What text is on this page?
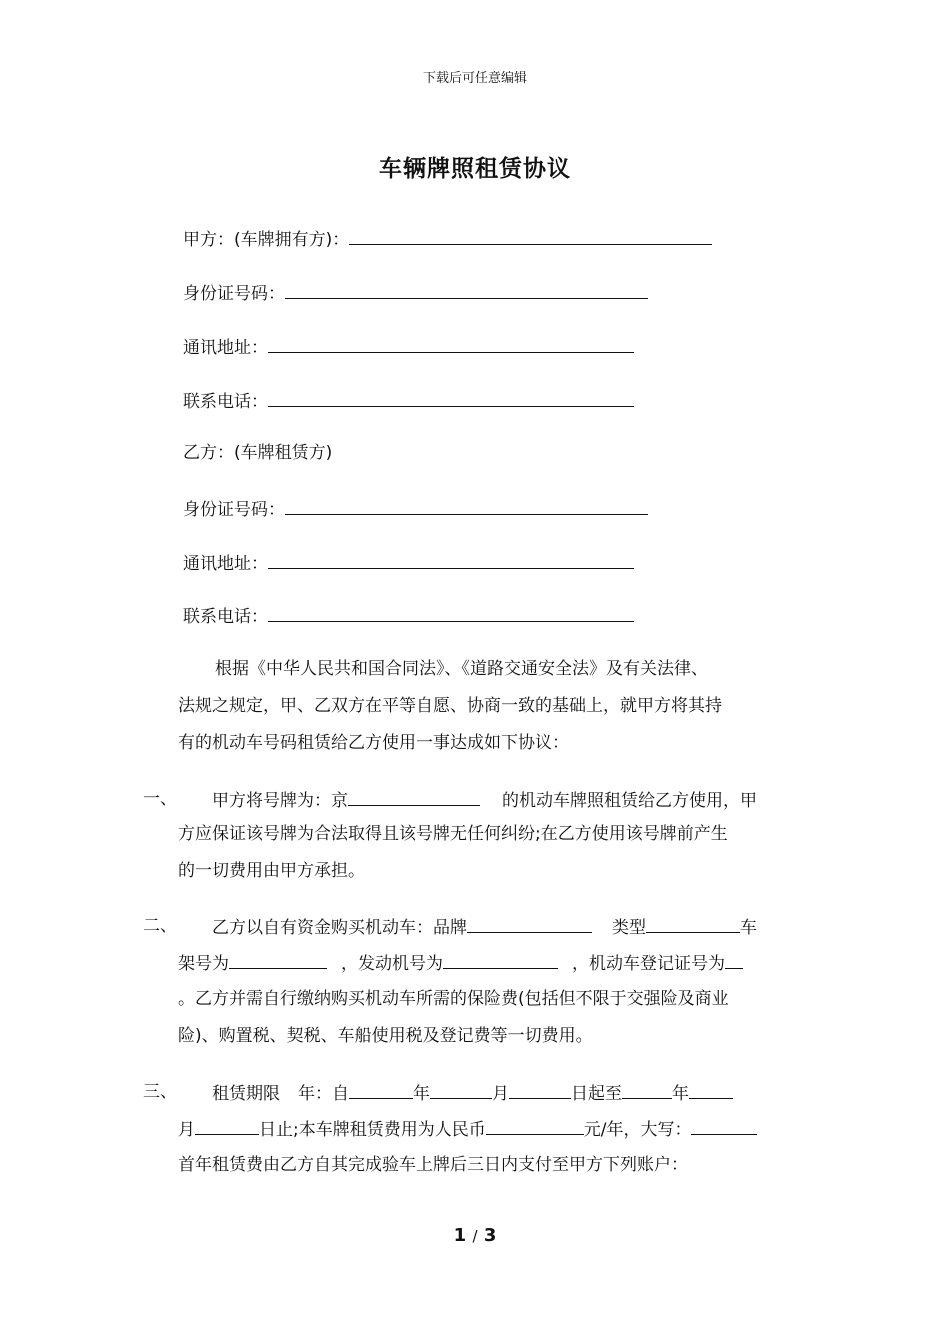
下载后可任意编辑
车辆牌照租赁协议
甲方：(车牌拥有方)：
身份证号码：
通讯地址：
联系电话：
乙方：(车牌租赁方)
身份证号码：
通讯地址：
联系电话：
根据《中华人民共和国合同法》、《道路交通安全法》及有关法律、
法规之规定，甲、乙双方在平等自愿、协商一致的基础上，就甲方将其持
有的机动车号码租赁给乙方使用一事达成如下协议：
一、 甲方将号牌为：京	的机动车牌照租赁给乙方使用，甲
方应保证该号牌为合法取得且该号牌无任何纠纷;在乙方使用该号牌前产生
的一切费用由甲方承担。
二、 乙方以自有资金购买机动车：品牌	类型	车
架号为	，发动机号为	，机动车登记证号为
。乙方并需自行缴纳购买机动车所需的保险费(包括但不限于交强险及商业
险)、购置税、契税、车船使用税及登记费等一切费用。
三、 租赁期限 年：自	年	月	日起至	年
月	日止;本车牌租赁费用为人民币	元/年，大写：
首年租赁费由乙方自其完成验车上牌后三日内支付至甲方下列账户：
1 / 3
